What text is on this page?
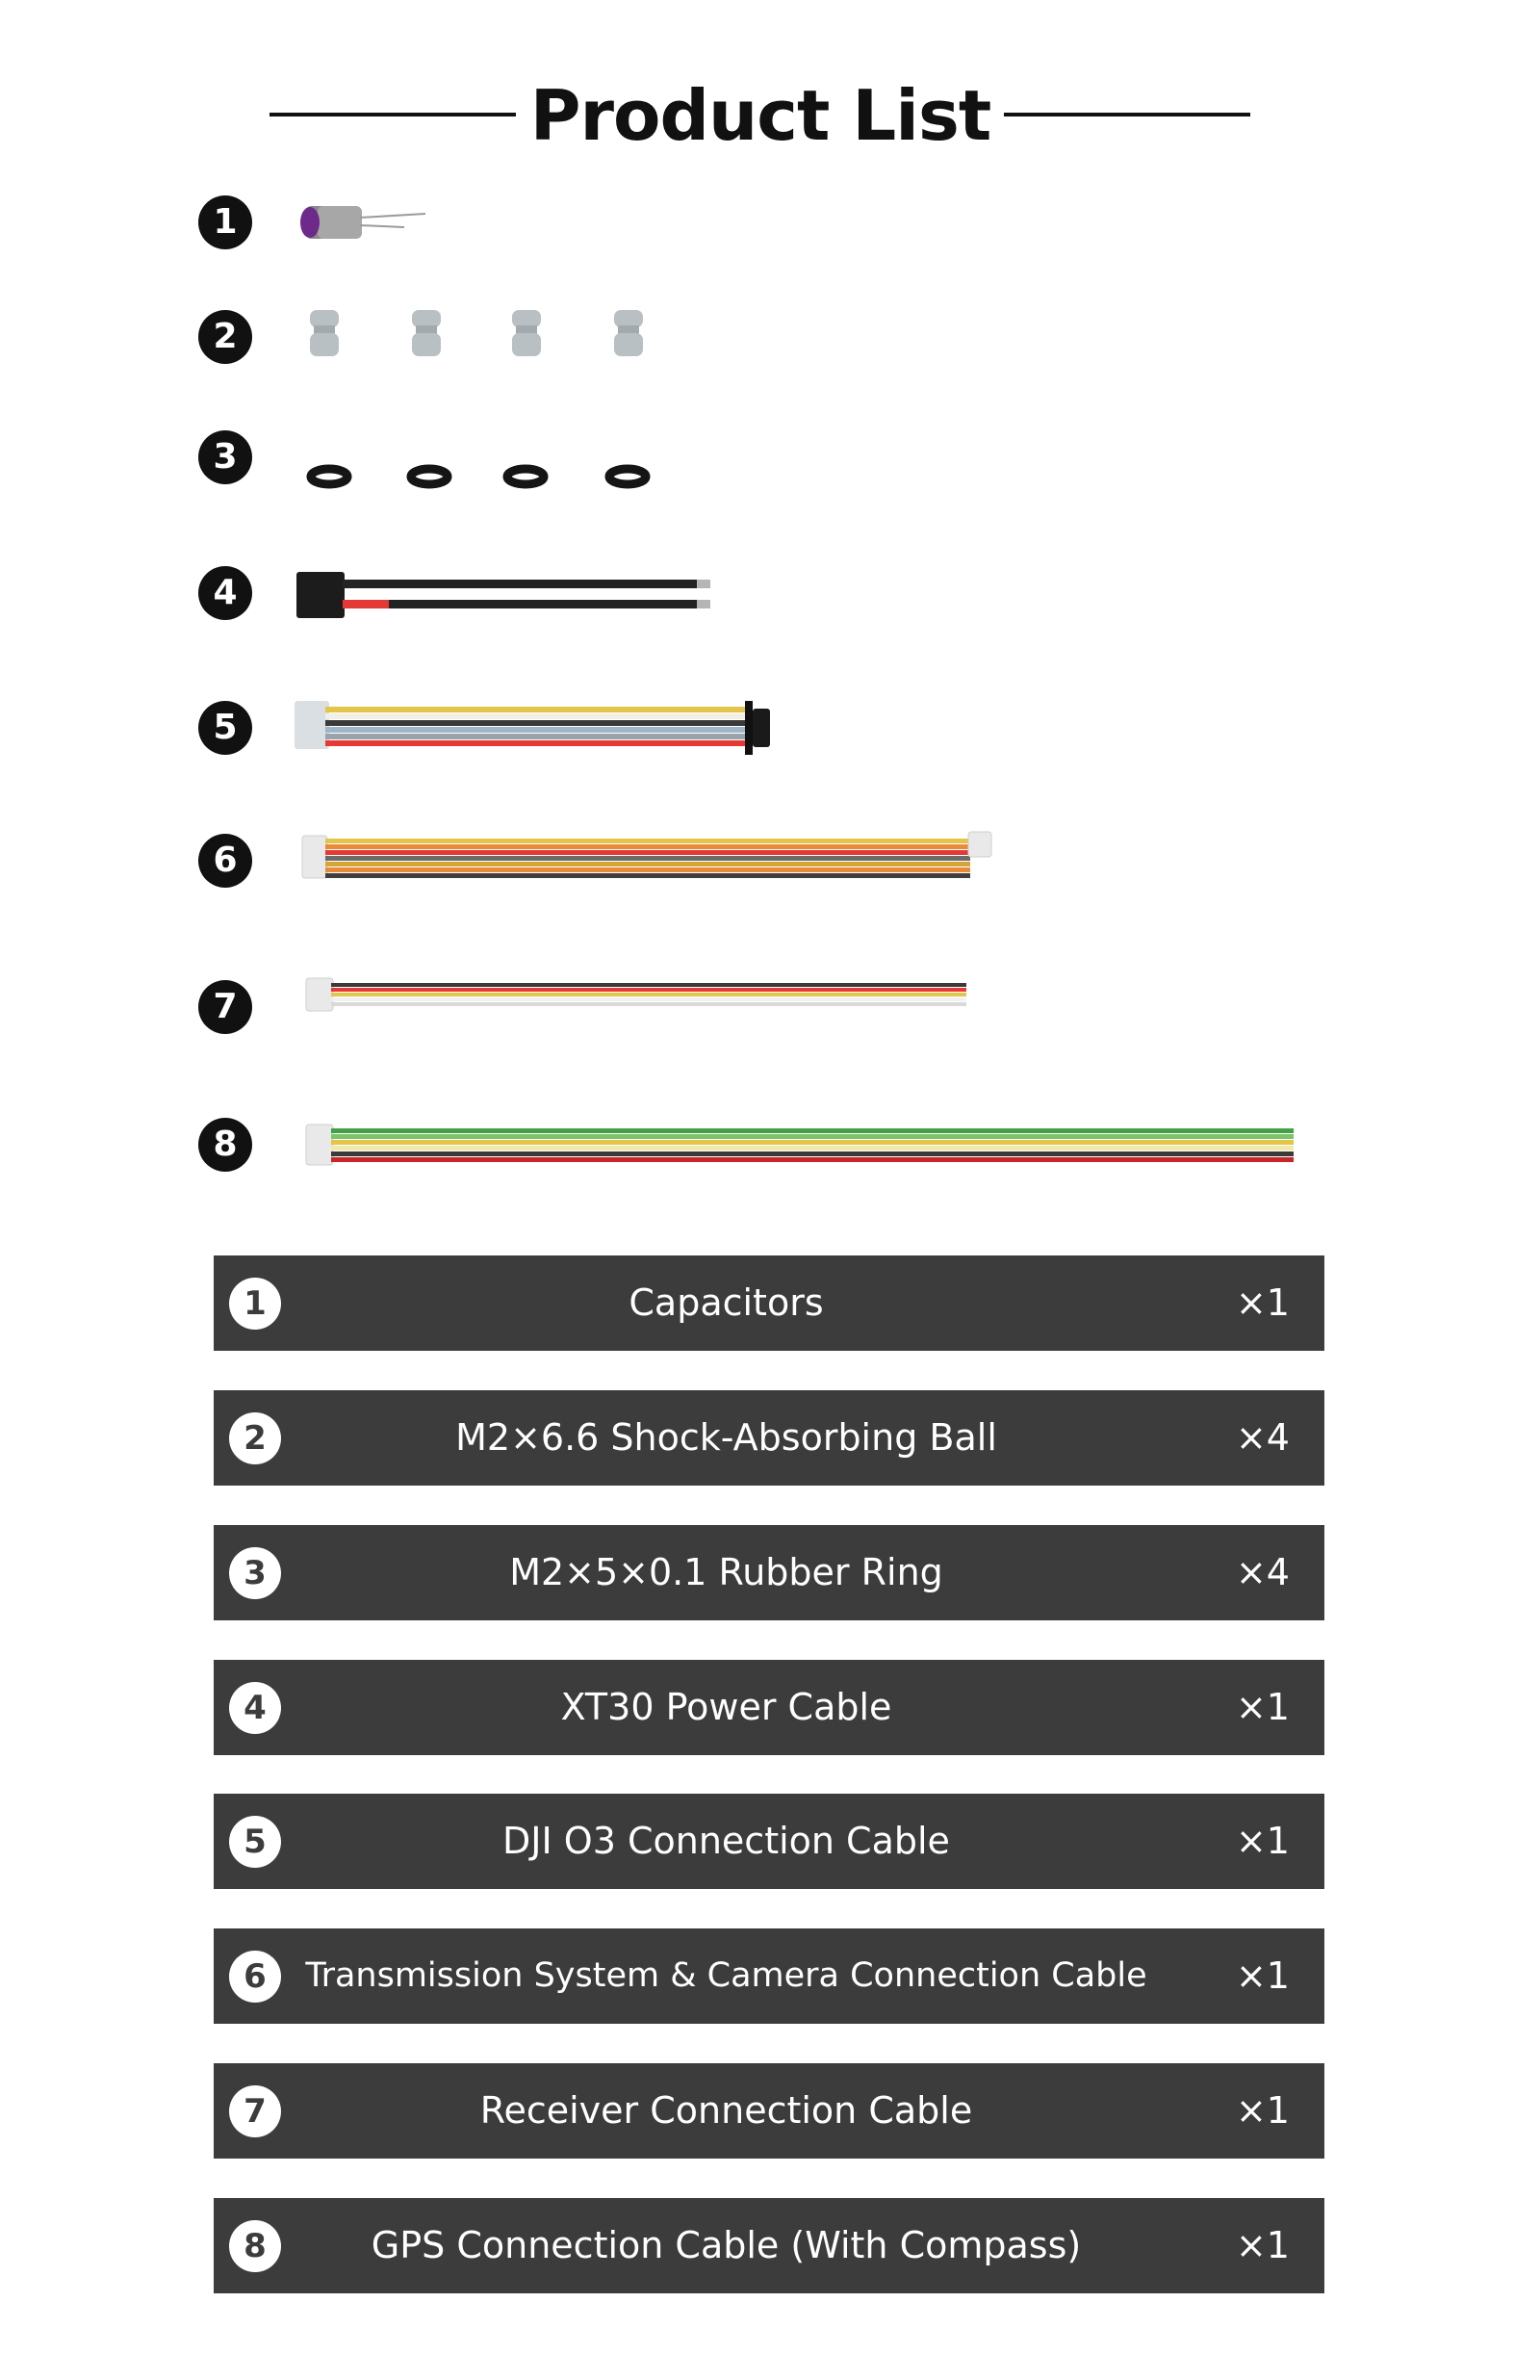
Product List
1
2
3
4
5
6
7
8
1	Capacitors	×1
2	M2×6.6 Shock-Absorbing Ball	×4
3	M2×5×0.1 Rubber Ring	×4
4	XT30 Power Cable	×1
5	DJI O3 Connection Cable	×1
6	Transmission System & Camera Connection Cable ×1
7	Receiver Connection Cable	×1
8	GPS Connection Cable (With Compass)	×1
